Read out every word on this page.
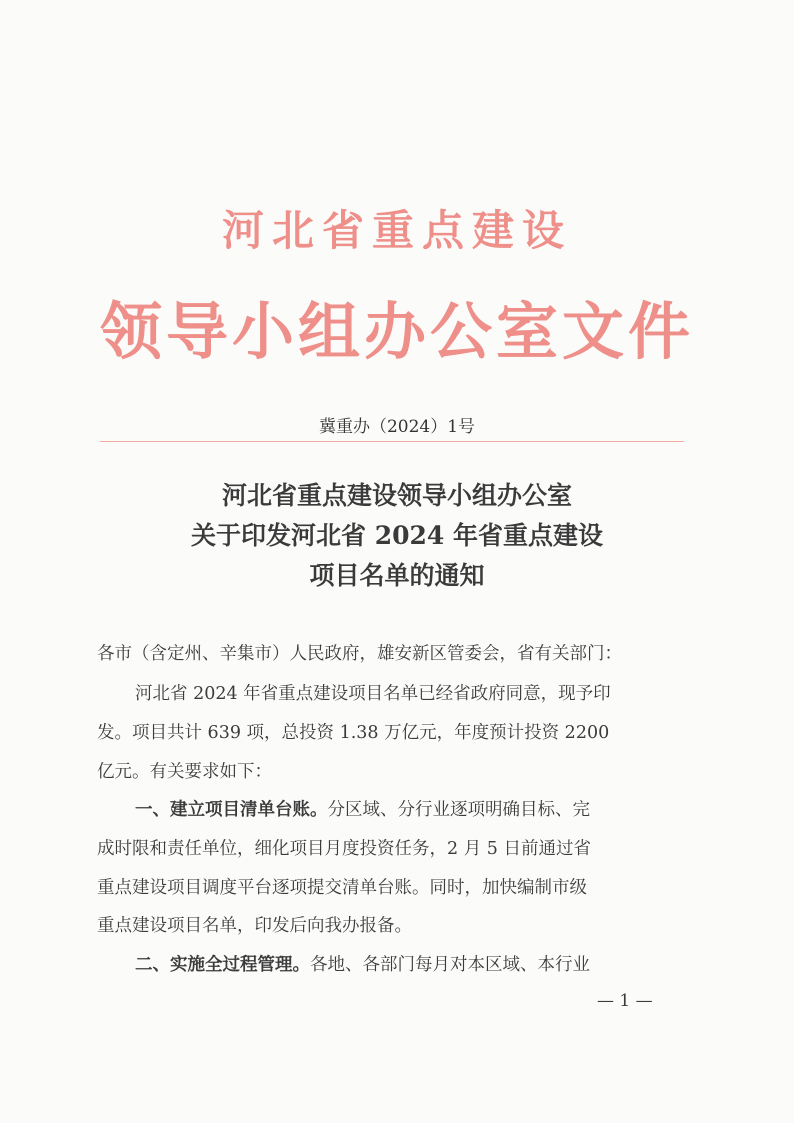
河北省重点建设
领导小组办公室文件
冀重办（2024）1号
河北省重点建设领导小组办公室
关于印发河北省 2024 年省重点建设
项目名单的通知
各市（含定州、辛集市）人民政府，雄安新区管委会，省有关部门：
河北省 2024 年省重点建设项目名单已经省政府同意，现予印
发。项目共计 639 项，总投资 1.38 万亿元，年度预计投资 2200
亿元。有关要求如下：
一、建立项目清单台账。分区域、分行业逐项明确目标、完
成时限和责任单位，细化项目月度投资任务，2 月 5 日前通过省
重点建设项目调度平台逐项提交清单台账。同时，加快编制市级
重点建设项目名单，印发后向我办报备。
二、实施全过程管理。各地、各部门每月对本区域、本行业
— 1 —
